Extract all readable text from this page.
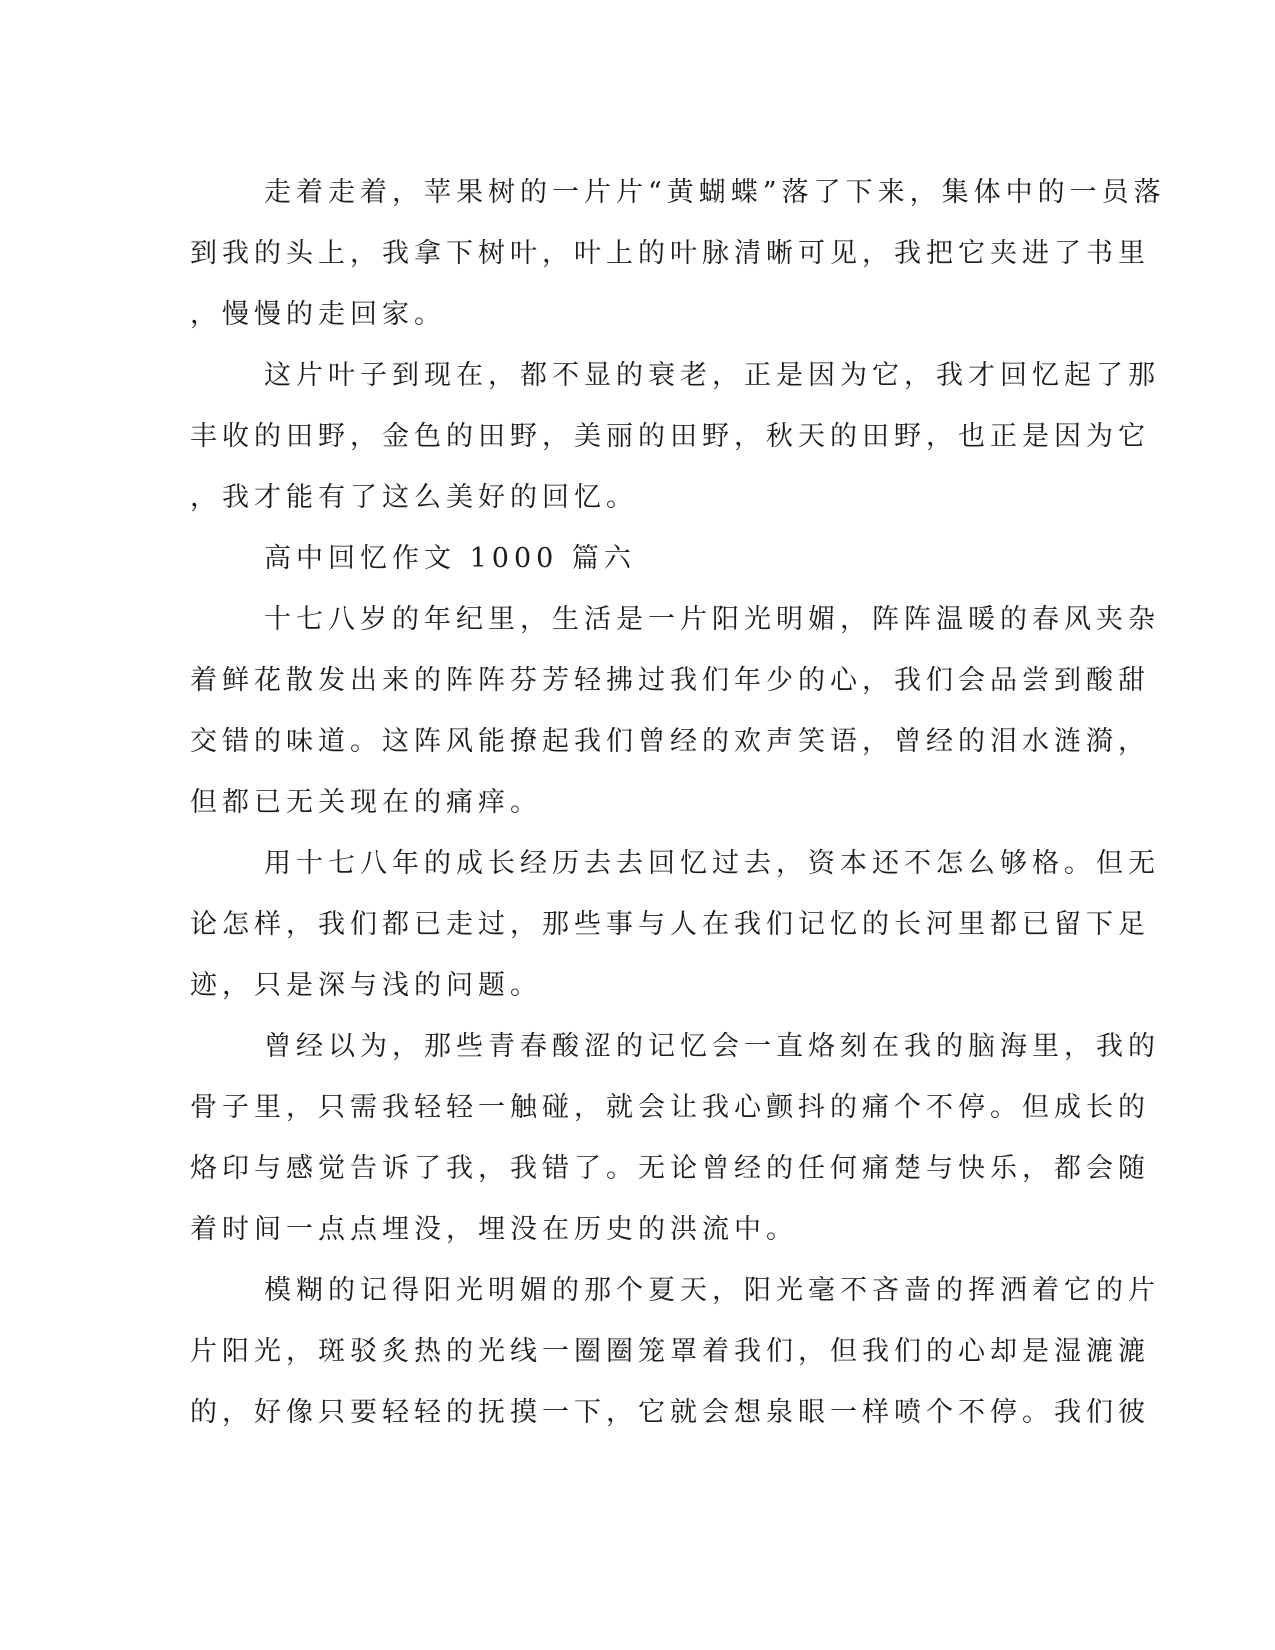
走着走着，苹果树的一片片“黄蝴蝶”落了下来，集体中的一员落
到我的头上，我拿下树叶，叶上的叶脉清晰可见，我把它夹进了书里
，慢慢的走回家。
这片叶子到现在，都不显的衰老，正是因为它，我才回忆起了那
丰收的田野，金色的田野，美丽的田野，秋天的田野，也正是因为它
，我才能有了这么美好的回忆。
高中回忆作文 1000 篇六
十七八岁的年纪里，生活是一片阳光明媚，阵阵温暖的春风夹杂
着鲜花散发出来的阵阵芬芳轻拂过我们年少的心，我们会品尝到酸甜
交错的味道。这阵风能撩起我们曾经的欢声笑语，曾经的泪水涟漪，
但都已无关现在的痛痒。
用十七八年的成长经历去去回忆过去，资本还不怎么够格。但无
论怎样，我们都已走过，那些事与人在我们记忆的长河里都已留下足
迹，只是深与浅的问题。
曾经以为，那些青春酸涩的记忆会一直烙刻在我的脑海里，我的
骨子里，只需我轻轻一触碰，就会让我心颤抖的痛个不停。但成长的
烙印与感觉告诉了我，我错了。无论曾经的任何痛楚与快乐，都会随
着时间一点点埋没，埋没在历史的洪流中。
模糊的记得阳光明媚的那个夏天，阳光毫不吝啬的挥洒着它的片
片阳光，斑驳炙热的光线一圈圈笼罩着我们，但我们的心却是湿漉漉
的，好像只要轻轻的抚摸一下，它就会想泉眼一样喷个不停。我们彼
